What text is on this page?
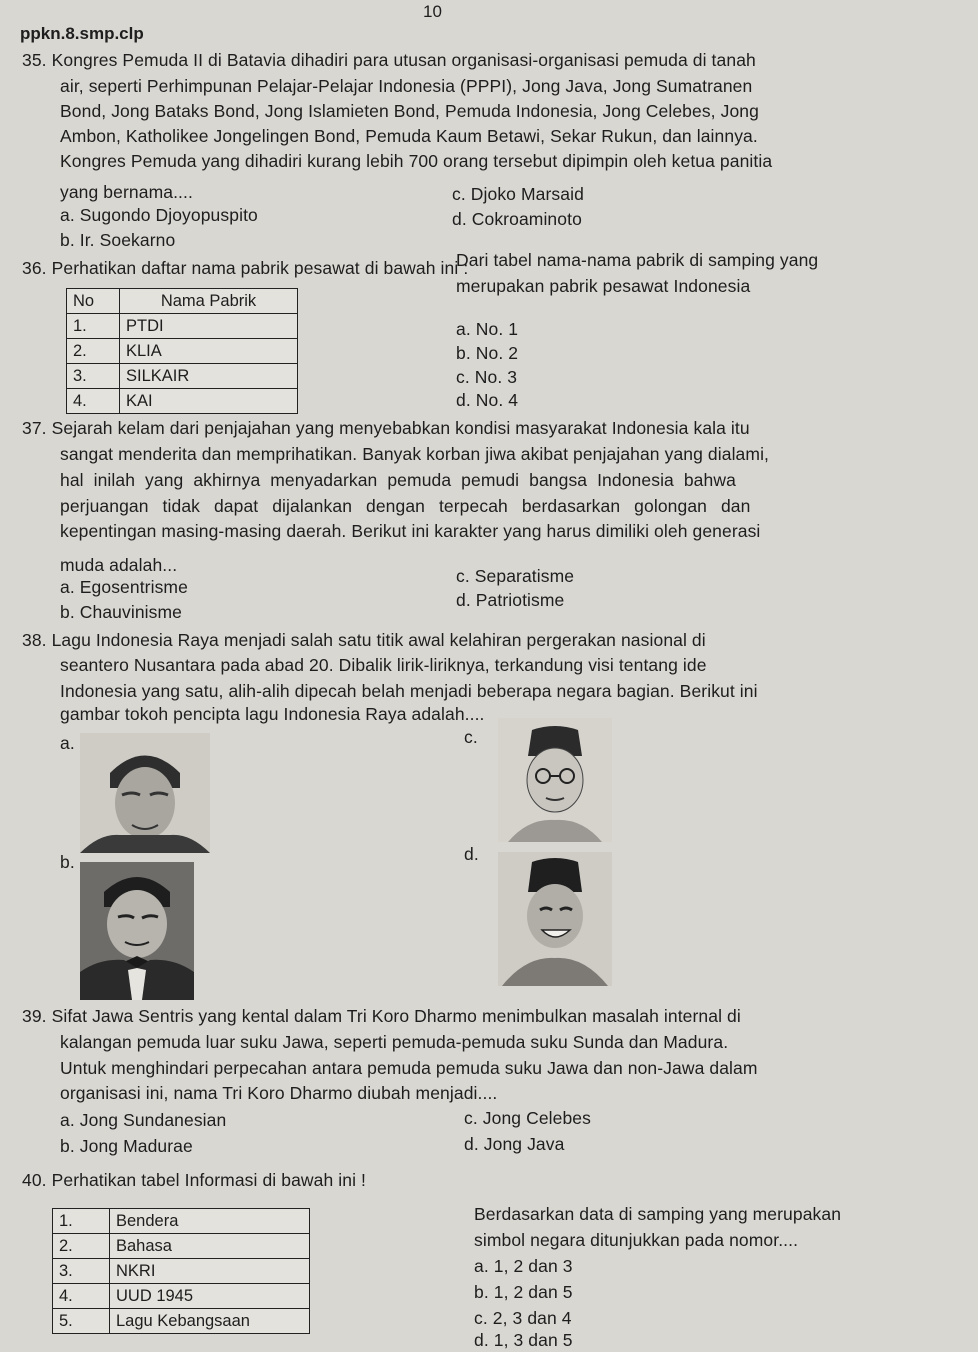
10
ppkn.8.smp.clp
35. Kongres Pemuda II di Batavia dihadiri para utusan organisasi-organisasi pemuda di tanah
air, seperti Perhimpunan Pelajar-Pelajar Indonesia (PPPI), Jong Java, Jong Sumatranen
Bond, Jong Bataks Bond, Jong Islamieten Bond, Pemuda Indonesia, Jong Celebes, Jong
Ambon, Katholikee Jongelingen Bond, Pemuda Kaum Betawi, Sekar Rukun, dan lainnya.
Kongres Pemuda yang dihadiri kurang lebih 700 orang tersebut dipimpin oleh ketua panitia
yang bernama....
a. Sugondo Djoyopuspito
b. Ir. Soekarno
c. Djoko Marsaid
d. Cokroaminoto
36. Perhatikan daftar nama pabrik pesawat di bawah ini :
No	Nama Pabrik
1.	PTDI
2.	KLIA
3.	SILKAIR
4.	KAI
Dari tabel nama-nama pabrik di samping yang
merupakan pabrik pesawat Indonesia
a. No. 1
b. No. 2
c. No. 3
d. No. 4
37. Sejarah kelam dari penjajahan yang menyebabkan kondisi masyarakat Indonesia kala itu
sangat menderita dan memprihatikan. Banyak korban jiwa akibat penjajahan yang dialami,
hal inilah yang akhirnya menyadarkan pemuda pemudi bangsa Indonesia bahwa
perjuangan tidak dapat dijalankan dengan terpecah berdasarkan golongan dan
kepentingan masing-masing daerah. Berikut ini karakter yang harus dimiliki oleh generasi
muda adalah...
a. Egosentrisme
b. Chauvinisme
c. Separatisme
d. Patriotisme
38. Lagu Indonesia Raya menjadi salah satu titik awal kelahiran pergerakan nasional di
seantero Nusantara pada abad 20. Dibalik lirik-liriknya, terkandung visi tentang ide
Indonesia yang satu, alih-alih dipecah belah menjadi beberapa negara bagian. Berikut ini
gambar tokoh pencipta lagu Indonesia Raya adalah....
a.
b.
c.
d.
39. Sifat Jawa Sentris yang kental dalam Tri Koro Dharmo menimbulkan masalah internal di
kalangan pemuda luar suku Jawa, seperti pemuda-pemuda suku Sunda dan Madura.
Untuk menghindari perpecahan antara pemuda pemuda suku Jawa dan non-Jawa dalam
organisasi ini, nama Tri Koro Dharmo diubah menjadi....
a. Jong Sundanesian
b. Jong Madurae
c. Jong Celebes
d. Jong Java
40. Perhatikan tabel Informasi di bawah ini !
1.	Bendera
2.	Bahasa
3.	NKRI
4.	UUD 1945
5.	Lagu Kebangsaan
Berdasarkan data di samping yang merupakan
simbol negara ditunjukkan pada nomor....
a. 1, 2 dan 3
b. 1, 2 dan 5
c. 2, 3 dan 4
d. 1, 3 dan 5
